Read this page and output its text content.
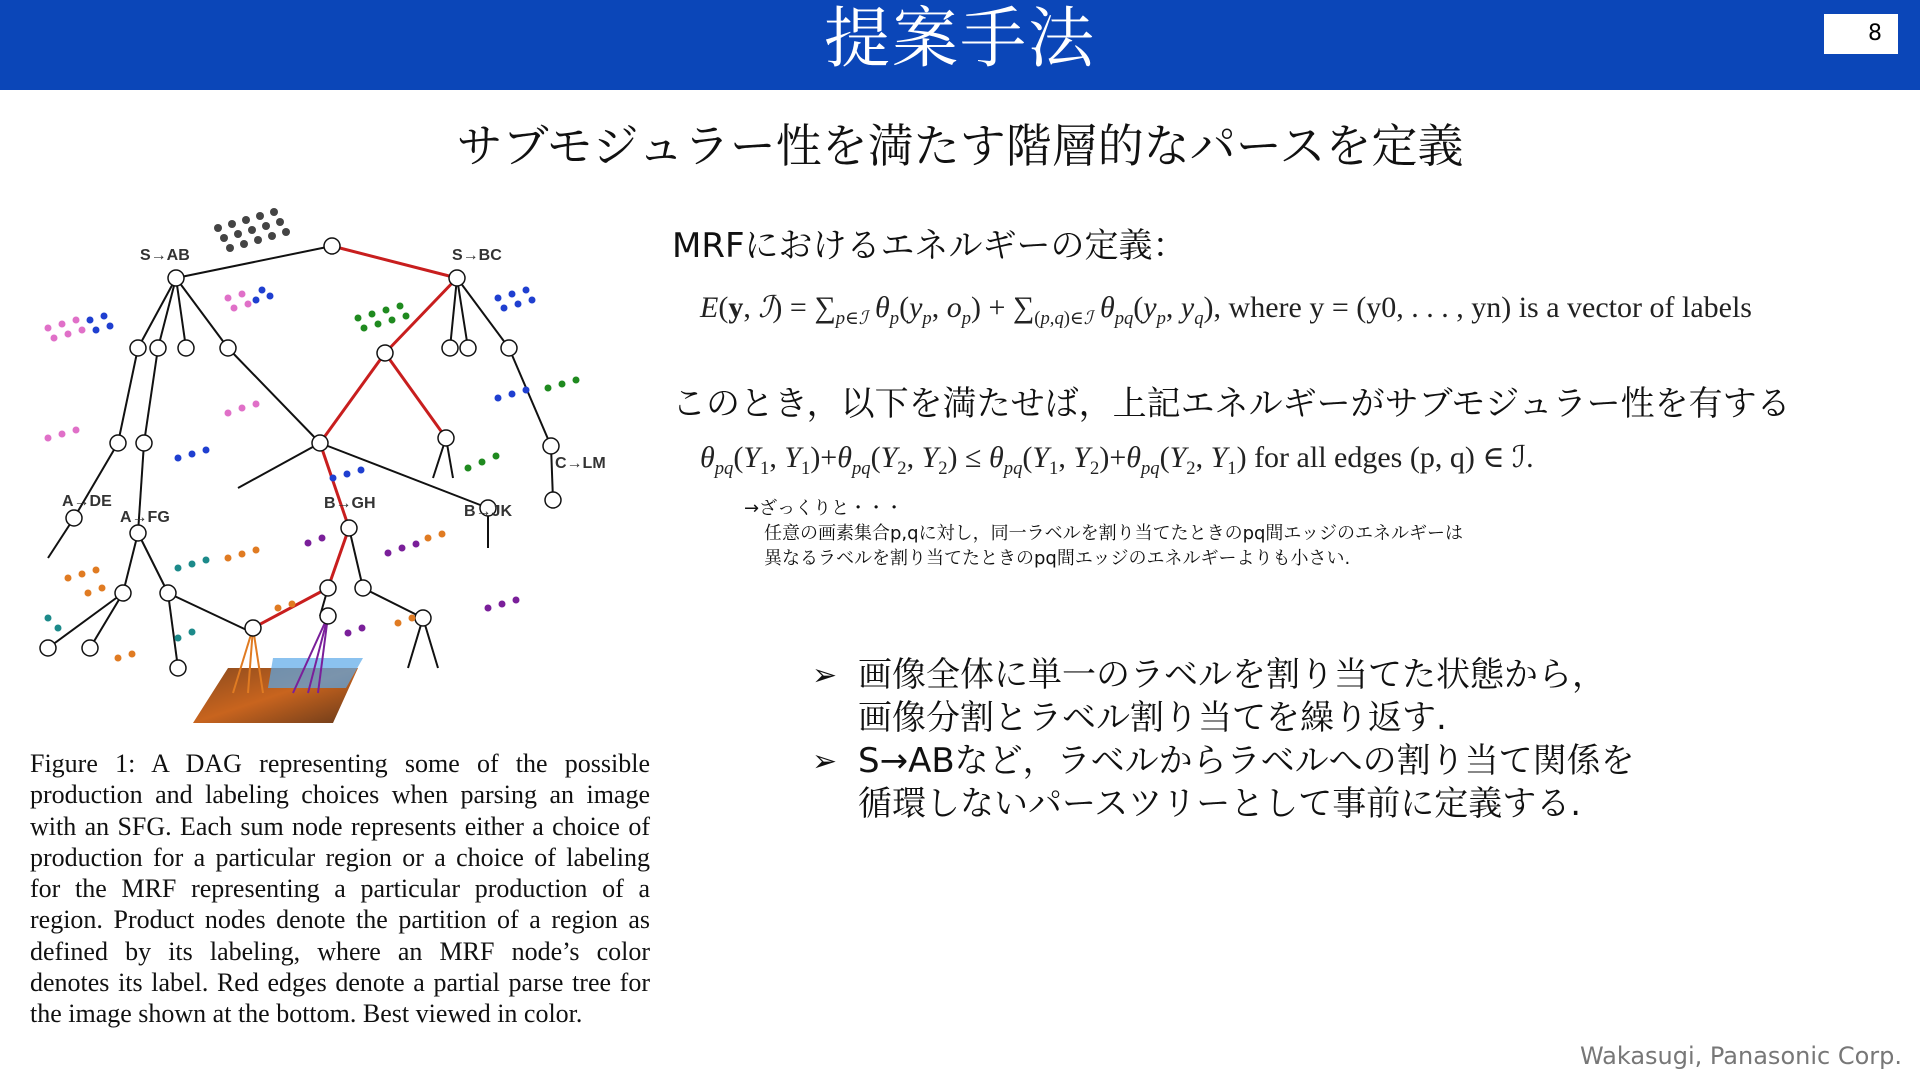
提案手法	8
サブモジュラー性を満たす階層的なパースを定義
S→AB	S→BC
A→DE
A→FG
B→GH	B→JK
C→LM
Figure 1: A DAG representing some of the possible production and labeling choices when parsing an image with an SFG. Each sum node represents either a choice of production for a particular region or a choice of labeling for the MRF representing a particular production of a region. Product nodes denote the partition of a region as defined by its labeling, where an MRF node’s color denotes its label. Red edges denote a partial parse tree for the image shown at the bottom. Best viewed in color.
MRFにおけるエネルギーの定義：
E(y, ℐ) = $\sum_{p\in ℐ}$ $\theta_p(y_p$, $o_p) + \sum_{(p,q)\in ℐ}$ $\theta_{pq}(y_p$, $y_q$), where y = (y0, . . . , yn) is a vector of labels
このとき，以下を満たせば，上記エネルギーがサブモジュラー性を有する
$\theta_{pq}(Y_1$, $Y_1)+\theta_{pq}(Y_2$, $Y_2) \le \theta_{pq}(Y_1$, $Y_2)+\theta_{pq}(Y_2$, $Y_1$) for all edges (p, q) ∈ ℐ.
→ざっくりと・・・
任意の画素集合p,qに対し，同一ラベルを割り当てたときのpq間エッジのエネルギーは
異なるラベルを割り当てたときのpq間エッジのエネルギーよりも小さい.
➢ 画像全体に単一のラベルを割り当てた状態から，
画像分割とラベル割り当てを繰り返す.
➢ S→ABなど，ラベルからラベルへの割り当て関係を
循環しないパースツリーとして事前に定義する.
Wakasugi, Panasonic Corp.
